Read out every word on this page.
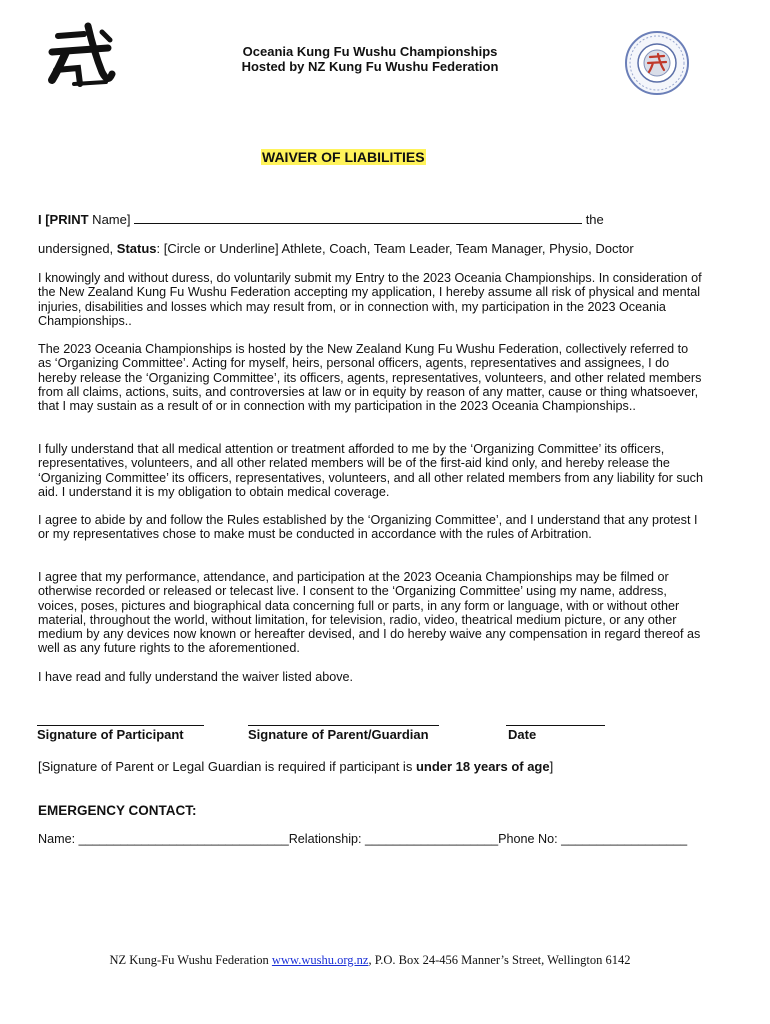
Oceania Kung Fu Wushu Championships
Hosted by NZ Kung Fu Wushu Federation
WAIVER OF LIABILITIES
I [PRINT Name]	the
undersigned, Status: [Circle or Underline] Athlete, Coach, Team Leader, Team Manager, Physio, Doctor
I knowingly and without duress, do voluntarily submit my Entry to the 2023 Oceania Championships. In consideration of the New Zealand Kung Fu Wushu Federation accepting my application, I hereby assume all risk of physical and mental injuries, disabilities and losses which may result from, or in connection with, my participation in the 2023 Oceania Championships..
The 2023 Oceania Championships is hosted by the New Zealand Kung Fu Wushu Federation, collectively referred to as ‘Organizing Committee’. Acting for myself, heirs, personal officers, agents, representatives and assignees, I do hereby release the ‘Organizing Committee’, its officers, agents, representatives, volunteers, and other related members from all claims, actions, suits, and controversies at law or in equity by reason of any matter, cause or thing whatsoever, that I may sustain as a result of or in connection with my participation in the 2023 Oceania Championships..
I fully understand that all medical attention or treatment afforded to me by the ‘Organizing Committee’ its officers, representatives, volunteers, and all other related members will be of the first-aid kind only, and hereby release the ‘Organizing Committee’ its officers, representatives, volunteers, and all other related members from any liability for such aid. I understand it is my obligation to obtain medical coverage.
I agree to abide by and follow the Rules established by the ‘Organizing Committee’, and I understand that any protest I or my representatives chose to make must be conducted in accordance with the rules of Arbitration.
I agree that my performance, attendance, and participation at the 2023 Oceania Championships may be filmed or otherwise recorded or released or telecast live. I consent to the ‘Organizing Committee’ using my name, address, voices, poses, pictures and biographical data concerning full or parts, in any form or language, with or without other material, throughout the world, without limitation, for television, radio, video, theatrical medium picture, or any other medium by any devices now known or hereafter devised, and I do hereby waive any compensation in regard thereof as well as any future rights to the aforementioned.
I have read and fully understand the waiver listed above.
Signature of Participant	Signature of Parent/Guardian	Date
[Signature of Parent or Legal Guardian is required if participant is under 18 years of age]
EMERGENCY CONTACT:
Name: ______________________________Relationship: ___________________Phone No: __________________
NZ Kung-Fu Wushu Federation www.wushu.org.nz, P.O. Box 24-456 Manner’s Street, Wellington 6142
